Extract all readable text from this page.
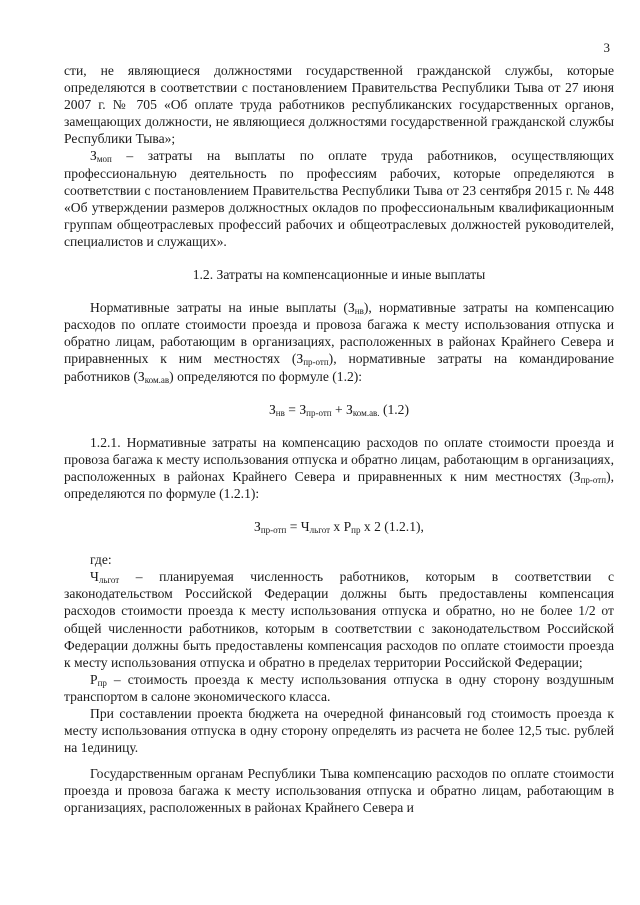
3

сти, не являющиеся должностями государственной гражданской службы, которые определяются в соответствии с постановлением Правительства Республики Тыва от 27 июня 2007 г. № 705 «Об оплате труда работников республиканских государственных органов, замещающих должности, не являющиеся должностями государственной гражданской службы Республики Тыва»;

$З_{моп}$ – затраты на выплаты по оплате труда работников, осуществляющих профессиональную деятельность по профессиям рабочих, которые определяются в соответствии с постановлением Правительства Республики Тыва от 23 сентября 2015 г. № 448 «Об утверждении размеров должностных окладов по профессиональным квалификационным группам общеотраслевых профессий рабочих и общеотраслевых должностей руководителей, специалистов и служащих».

1.2. Затраты на компенсационные и иные выплаты

Нормативные затраты на иные выплаты $(З_{нв})$, нормативные затраты на компенсацию расходов по оплате стоимости проезда и провоза багажа к месту использования отпуска и обратно лицам, работающим в организациях, расположенных в районах Крайнего Севера и приравненных к ним местностях $(З_{пр-отп})$, нормативные затраты на командирование работников $(З_{ком.ав})$ определяются по формуле (1.2):

$З_{нв} = З_{пр-отп} + З_{ком.ав.}$ (1.2)

1.2.1. Нормативные затраты на компенсацию расходов по оплате стоимости проезда и провоза багажа к месту использования отпуска и обратно лицам, работающим в организациях, расположенных в районах Крайнего Севера и приравненных к ним местностях $(З_{пр-отп})$, определяются по формуле (1.2.1):

$З_{пр-отп} = Ч_{льгот}$ х $Р_{пр}$ х 2 (1.2.1),

где:

$Ч_{льгот}$ – планируемая численность работников, которым в соответствии с законодательством Российской Федерации должны быть предоставлены компенсация расходов стоимости проезда к месту использования отпуска и обратно, но не более 1/2 от общей численности работников, которым в соответствии с законодательством Российской Федерации должны быть предоставлены компенсация расходов по оплате стоимости проезда к месту использования отпуска и обратно в пределах территории Российской Федерации;

$Р_{пр}$ – стоимость проезда к месту использования отпуска в одну сторону воздушным транспортом в салоне экономического класса.

При составлении проекта бюджета на очередной финансовый год стоимость проезда к месту использования отпуска в одну сторону определять из расчета не более 12,5 тыс. рублей на 1единицу.

Государственным органам Республики Тыва компенсацию расходов по оплате стоимости проезда и провоза багажа к месту использования отпуска и обратно лицам, работающим в организациях, расположенных в районах Крайнего Севера и
